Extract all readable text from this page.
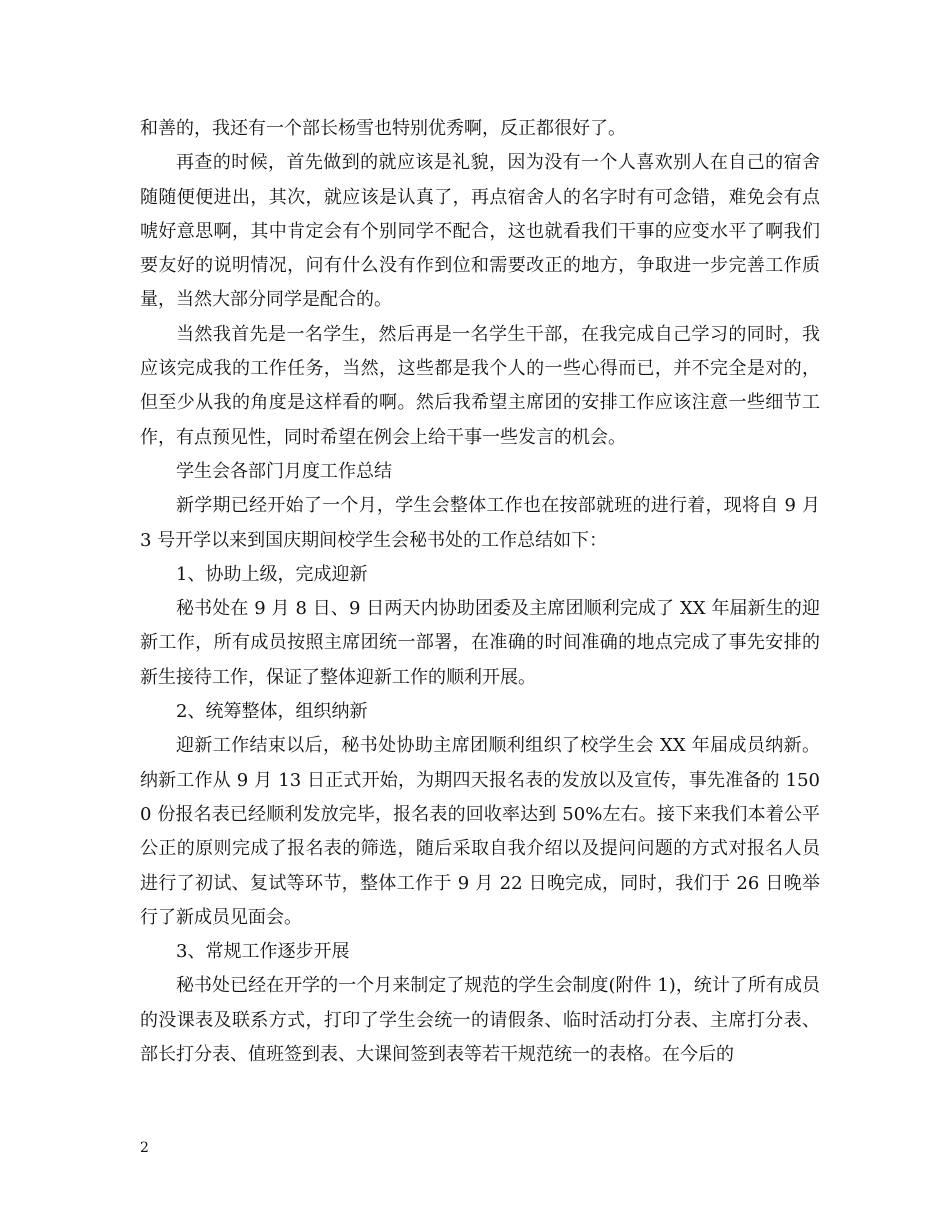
和善的，我还有一个部长杨雪也特别优秀啊，反正都很好了。

再查的时候，首先做到的就应该是礼貌，因为没有一个人喜欢别人在自己的宿舍随随便便进出，其次，就应该是认真了，再点宿舍人的名字时有可念错，难免会有点唬好意思啊，其中肯定会有个别同学不配合，这也就看我们干事的应变水平了啊我们要友好的说明情况，问有什么没有作到位和需要改正的地方，争取进一步完善工作质量，当然大部分同学是配合的。

当然我首先是一名学生，然后再是一名学生干部，在我完成自己学习的同时，我应该完成我的工作任务，当然，这些都是我个人的一些心得而已，并不完全是对的，但至少从我的角度是这样看的啊。然后我希望主席团的安排工作应该注意一些细节工作，有点预见性，同时希望在例会上给干事一些发言的机会。

学生会各部门月度工作总结

新学期已经开始了一个月，学生会整体工作也在按部就班的进行着，现将自 9 月 3 号开学以来到国庆期间校学生会秘书处的工作总结如下：

1、协助上级，完成迎新

秘书处在 9 月 8 日、9 日两天内协助团委及主席团顺利完成了 XX 年届新生的迎新工作，所有成员按照主席团统一部署，在准确的时间准确的地点完成了事先安排的新生接待工作，保证了整体迎新工作的顺利开展。

2、统筹整体，组织纳新

迎新工作结束以后，秘书处协助主席团顺利组织了校学生会 XX 年届成员纳新。纳新工作从 9 月 13 日正式开始，为期四天报名表的发放以及宣传，事先准备的 1500 份报名表已经顺利发放完毕，报名表的回收率达到 50%左右。接下来我们本着公平公正的原则完成了报名表的筛选，随后采取自我介绍以及提问问题的方式对报名人员进行了初试、复试等环节，整体工作于 9 月 22 日晚完成，同时，我们于 26 日晚举行了新成员见面会。

3、常规工作逐步开展

秘书处已经在开学的一个月来制定了规范的学生会制度(附件 1)，统计了所有成员的没课表及联系方式，打印了学生会统一的请假条、临时活动打分表、主席打分表、部长打分表、值班签到表、大课间签到表等若干规范统一的表格。在今后的

2
